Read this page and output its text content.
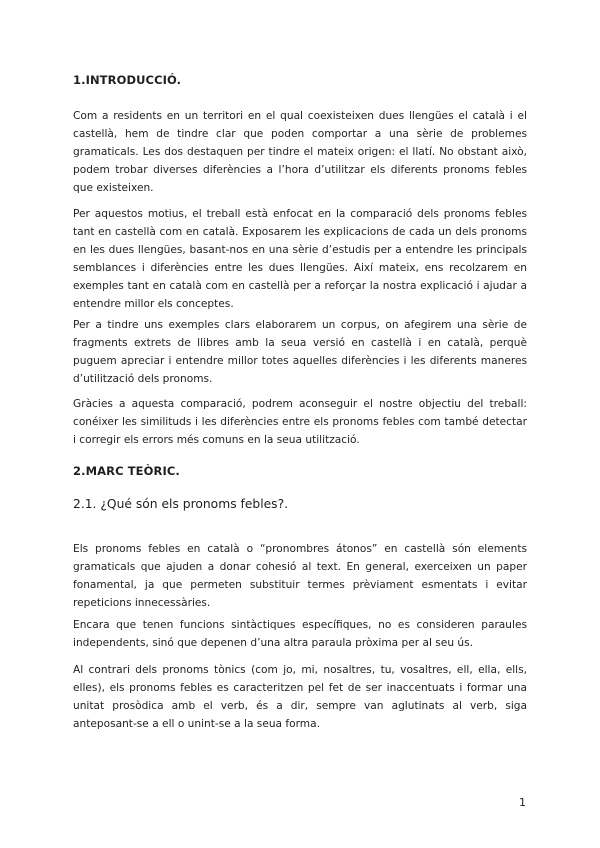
1.INTRODUCCIÓ.

Com a residents en un territori en el qual coexisteixen dues llengües el català i el castellà, hem de tindre clar que poden comportar a una sèrie de problemes gramaticals. Les dos destaquen per tindre el mateix origen: el llatí. No obstant això, podem trobar diverses diferències a l’hora d’utilitzar els diferents pronoms febles que existeixen.

Per aquestos motius, el treball està enfocat en la comparació dels pronoms febles tant en castellà com en català. Exposarem les explicacions de cada un dels pronoms en les dues llengües, basant-nos en una sèrie d’estudis per a entendre les principals semblances i diferències entre les dues llengües. Així mateix, ens recolzarem en exemples tant en català com en castellà per a reforçar la nostra explicació i ajudar a entendre millor els conceptes.

Per a tindre uns exemples clars elaborarem un corpus, on afegirem una sèrie de fragments extrets de llibres amb la seua versió en castellà i en català, perquè puguem apreciar i entendre millor totes aquelles diferències i les diferents maneres d’utilització dels pronoms.

Gràcies a aquesta comparació, podrem aconseguir el nostre objectiu del treball: conéixer les similituds i les diferències entre els pronoms febles com també detectar i corregir els errors més comuns en la seua utilització.

2.MARC TEÒRIC.
2.1. ¿Qué són els pronoms febles?.

Els pronoms febles en català o “pronombres átonos” en castellà són elements gramaticals que ajuden a donar cohesió al text. En general, exerceixen un paper fonamental, ja que permeten substituir termes prèviament esmentats i evitar repeticions innecessàries.

Encara que tenen funcions sintàctiques específiques, no es consideren paraules independents, sinó que depenen d’una altra paraula pròxima per al seu ús.

Al contrari dels pronoms tònics (com jo, mi, nosaltres, tu, vosaltres, ell, ella, ells, elles), els pronoms febles es caracteritzen pel fet de ser inaccentuats i formar una unitat prosòdica amb el verb, és a dir, sempre van aglutinats al verb, siga anteposant-se a ell o unint-se a la seua forma.

1
